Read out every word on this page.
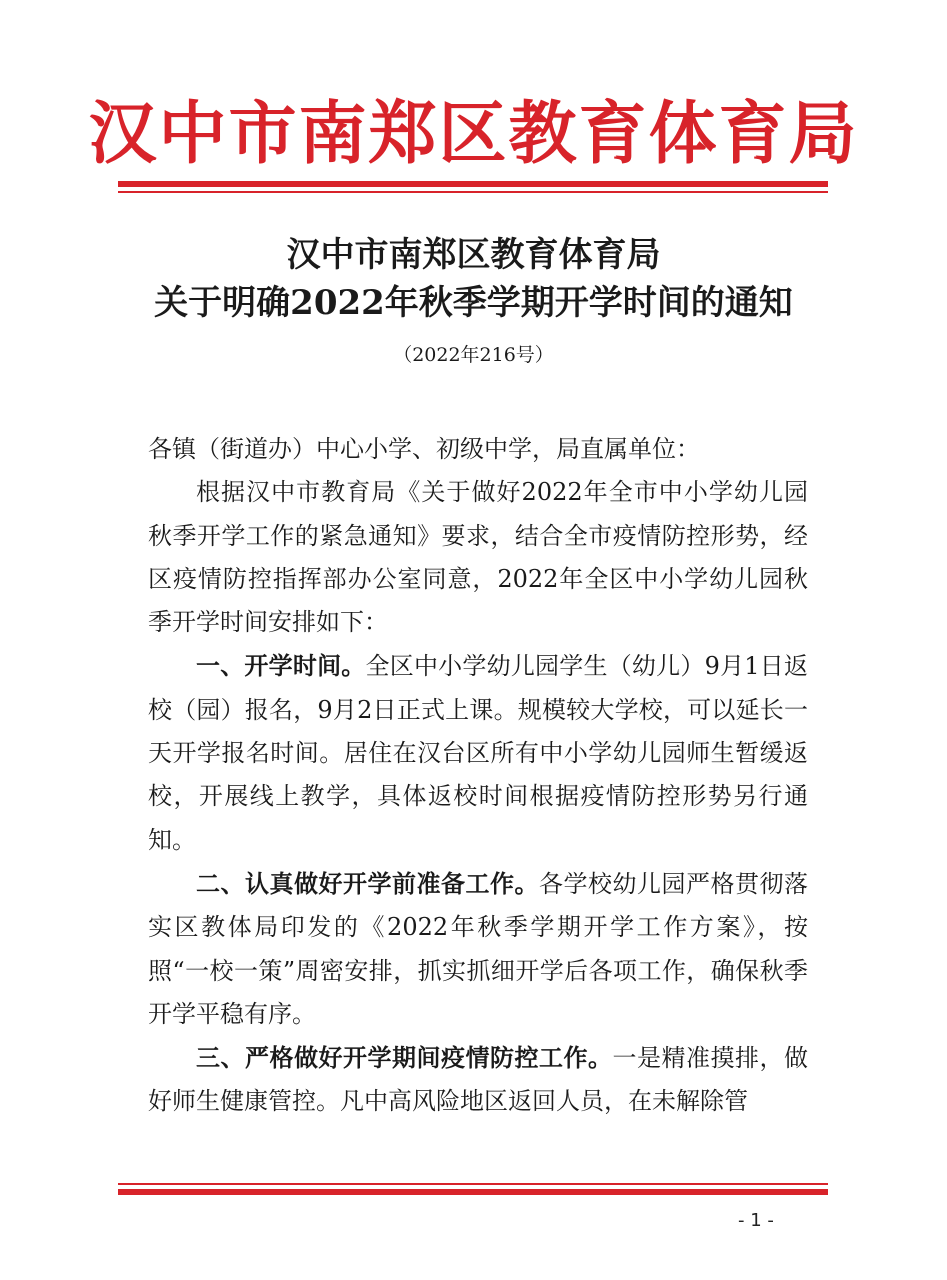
汉中市南郑区教育体育局
汉中市南郑区教育体育局
关于明确2022年秋季学期开学时间的通知
（2022年216号）

各镇（街道办）中心小学、初级中学，局直属单位：

根据汉中市教育局《关于做好2022年全市中小学幼儿园秋季开学工作的紧急通知》要求，结合全市疫情防控形势，经区疫情防控指挥部办公室同意，2022年全区中小学幼儿园秋季开学时间安排如下：

一、开学时间。全区中小学幼儿园学生（幼儿）9月1日返校（园）报名，9月2日正式上课。规模较大学校，可以延长一天开学报名时间。居住在汉台区所有中小学幼儿园师生暂缓返校，开展线上教学，具体返校时间根据疫情防控形势另行通知。

二、认真做好开学前准备工作。各学校幼儿园严格贯彻落实区教体局印发的《2022年秋季学期开学工作方案》，按照“一校一策”周密安排，抓实抓细开学后各项工作，确保秋季开学平稳有序。

三、严格做好开学期间疫情防控工作。一是精准摸排，做好师生健康管控。凡中高风险地区返回人员，在未解除管

- 1 -
